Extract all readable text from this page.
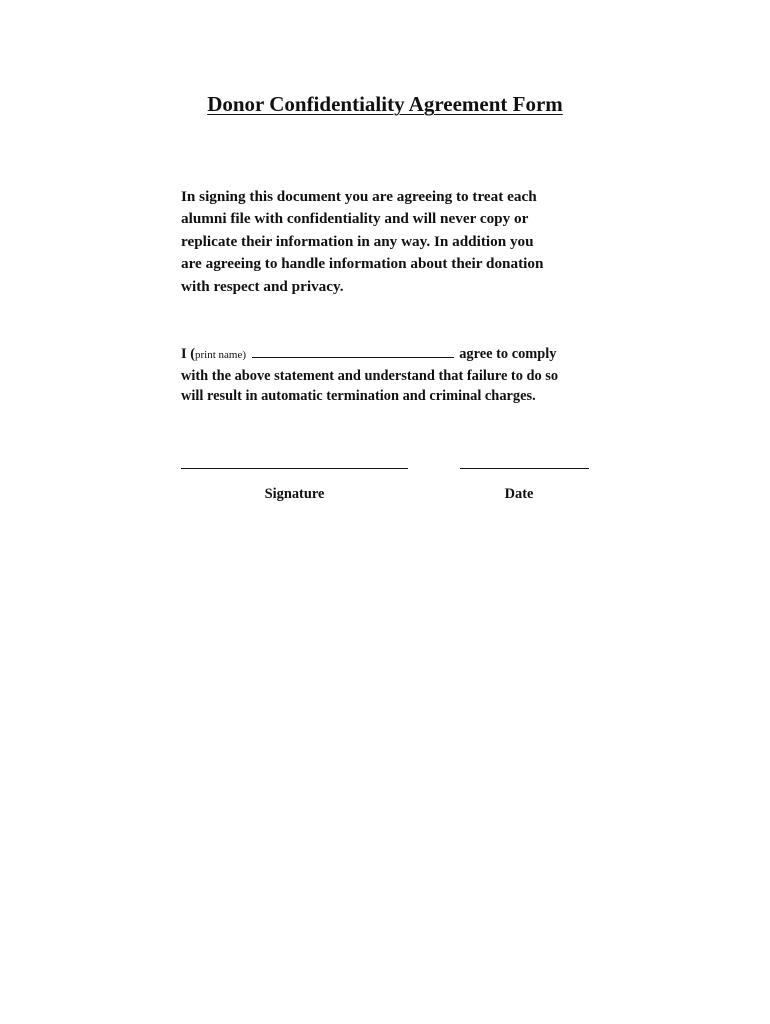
Donor Confidentiality Agreement Form
In signing this document you are agreeing to treat each
alumni file with confidentiality and will never copy or
replicate their information in any way. In addition you
are agreeing to handle information about their donation
with respect and privacy.
I (print name)	agree to comply
with the above statement and understand that failure to do so
will result in automatic termination and criminal charges.
Signature	Date
